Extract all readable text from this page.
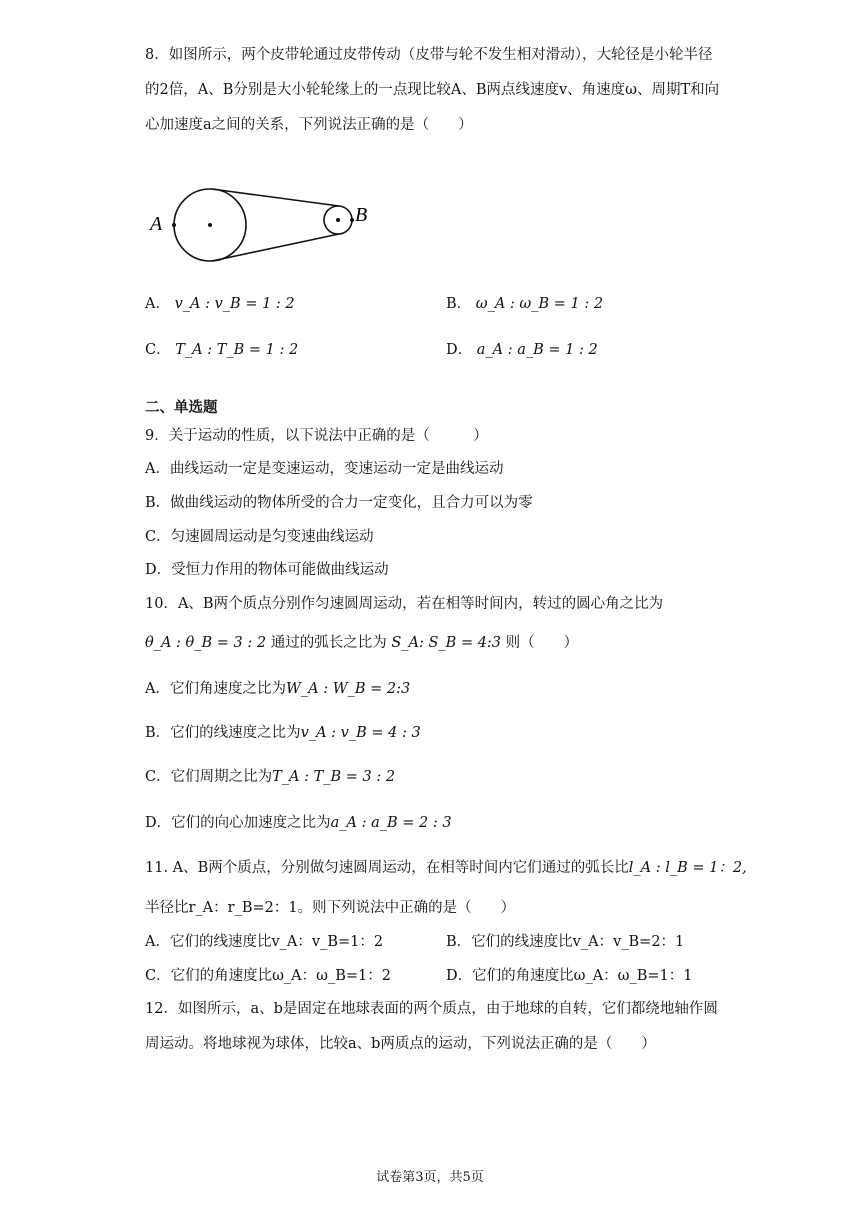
8．如图所示，两个皮带轮通过皮带传动（皮带与轮不发生相对滑动），大轮径是小轮半径的2倍，A、B分别是大小轮轮缘上的一点现比较A、B两点线速度v、角速度ω、周期T和向心加速度a之间的关系，下列说法正确的是（　　）
A	B
A． v_A : v_B = 1 : 2	B． ω_A : ω_B = 1 : 2
C． T_A : T_B = 1 : 2	D． a_A : a_B = 1 : 2
二、单选题
9．关于运动的性质，以下说法中正确的是（　　　）
A．曲线运动一定是变速运动，变速运动一定是曲线运动
B．做曲线运动的物体所受的合力一定变化，且合力可以为零
C．匀速圆周运动是匀变速曲线运动
D．受恒力作用的物体可能做曲线运动
10．A、B两个质点分别作匀速圆周运动，若在相等时间内，转过的圆心角之比为
θ_A : θ_B = 3 : 2 通过的弧长之比为 S_A: S_B = 4:3 则（　　）
A．它们角速度之比为W_A : W_B = 2:3
B．它们的线速度之比为v_A : v_B = 4 : 3
C．它们周期之比为T_A : T_B = 3 : 2
D．它们的向心加速度之比为a_A : a_B = 2 : 3
11. A、B两个质点，分别做匀速圆周运动，在相等时间内它们通过的弧长比l_A : l_B = 1：2,
半径比r_A：r_B=2：1。则下列说法中正确的是（　　）
A．它们的线速度比v_A：v_B=1：2	B．它们的线速度比v_A：v_B=2：1
C．它们的角速度比ω_A：ω_B=1：2	D．它们的角速度比ω_A：ω_B=1：1
12．如图所示，a、b是固定在地球表面的两个质点，由于地球的自转，它们都绕地轴作圆周运动。将地球视为球体，比较a、b两质点的运动，下列说法正确的是（　　）
试卷第3页，共5页
